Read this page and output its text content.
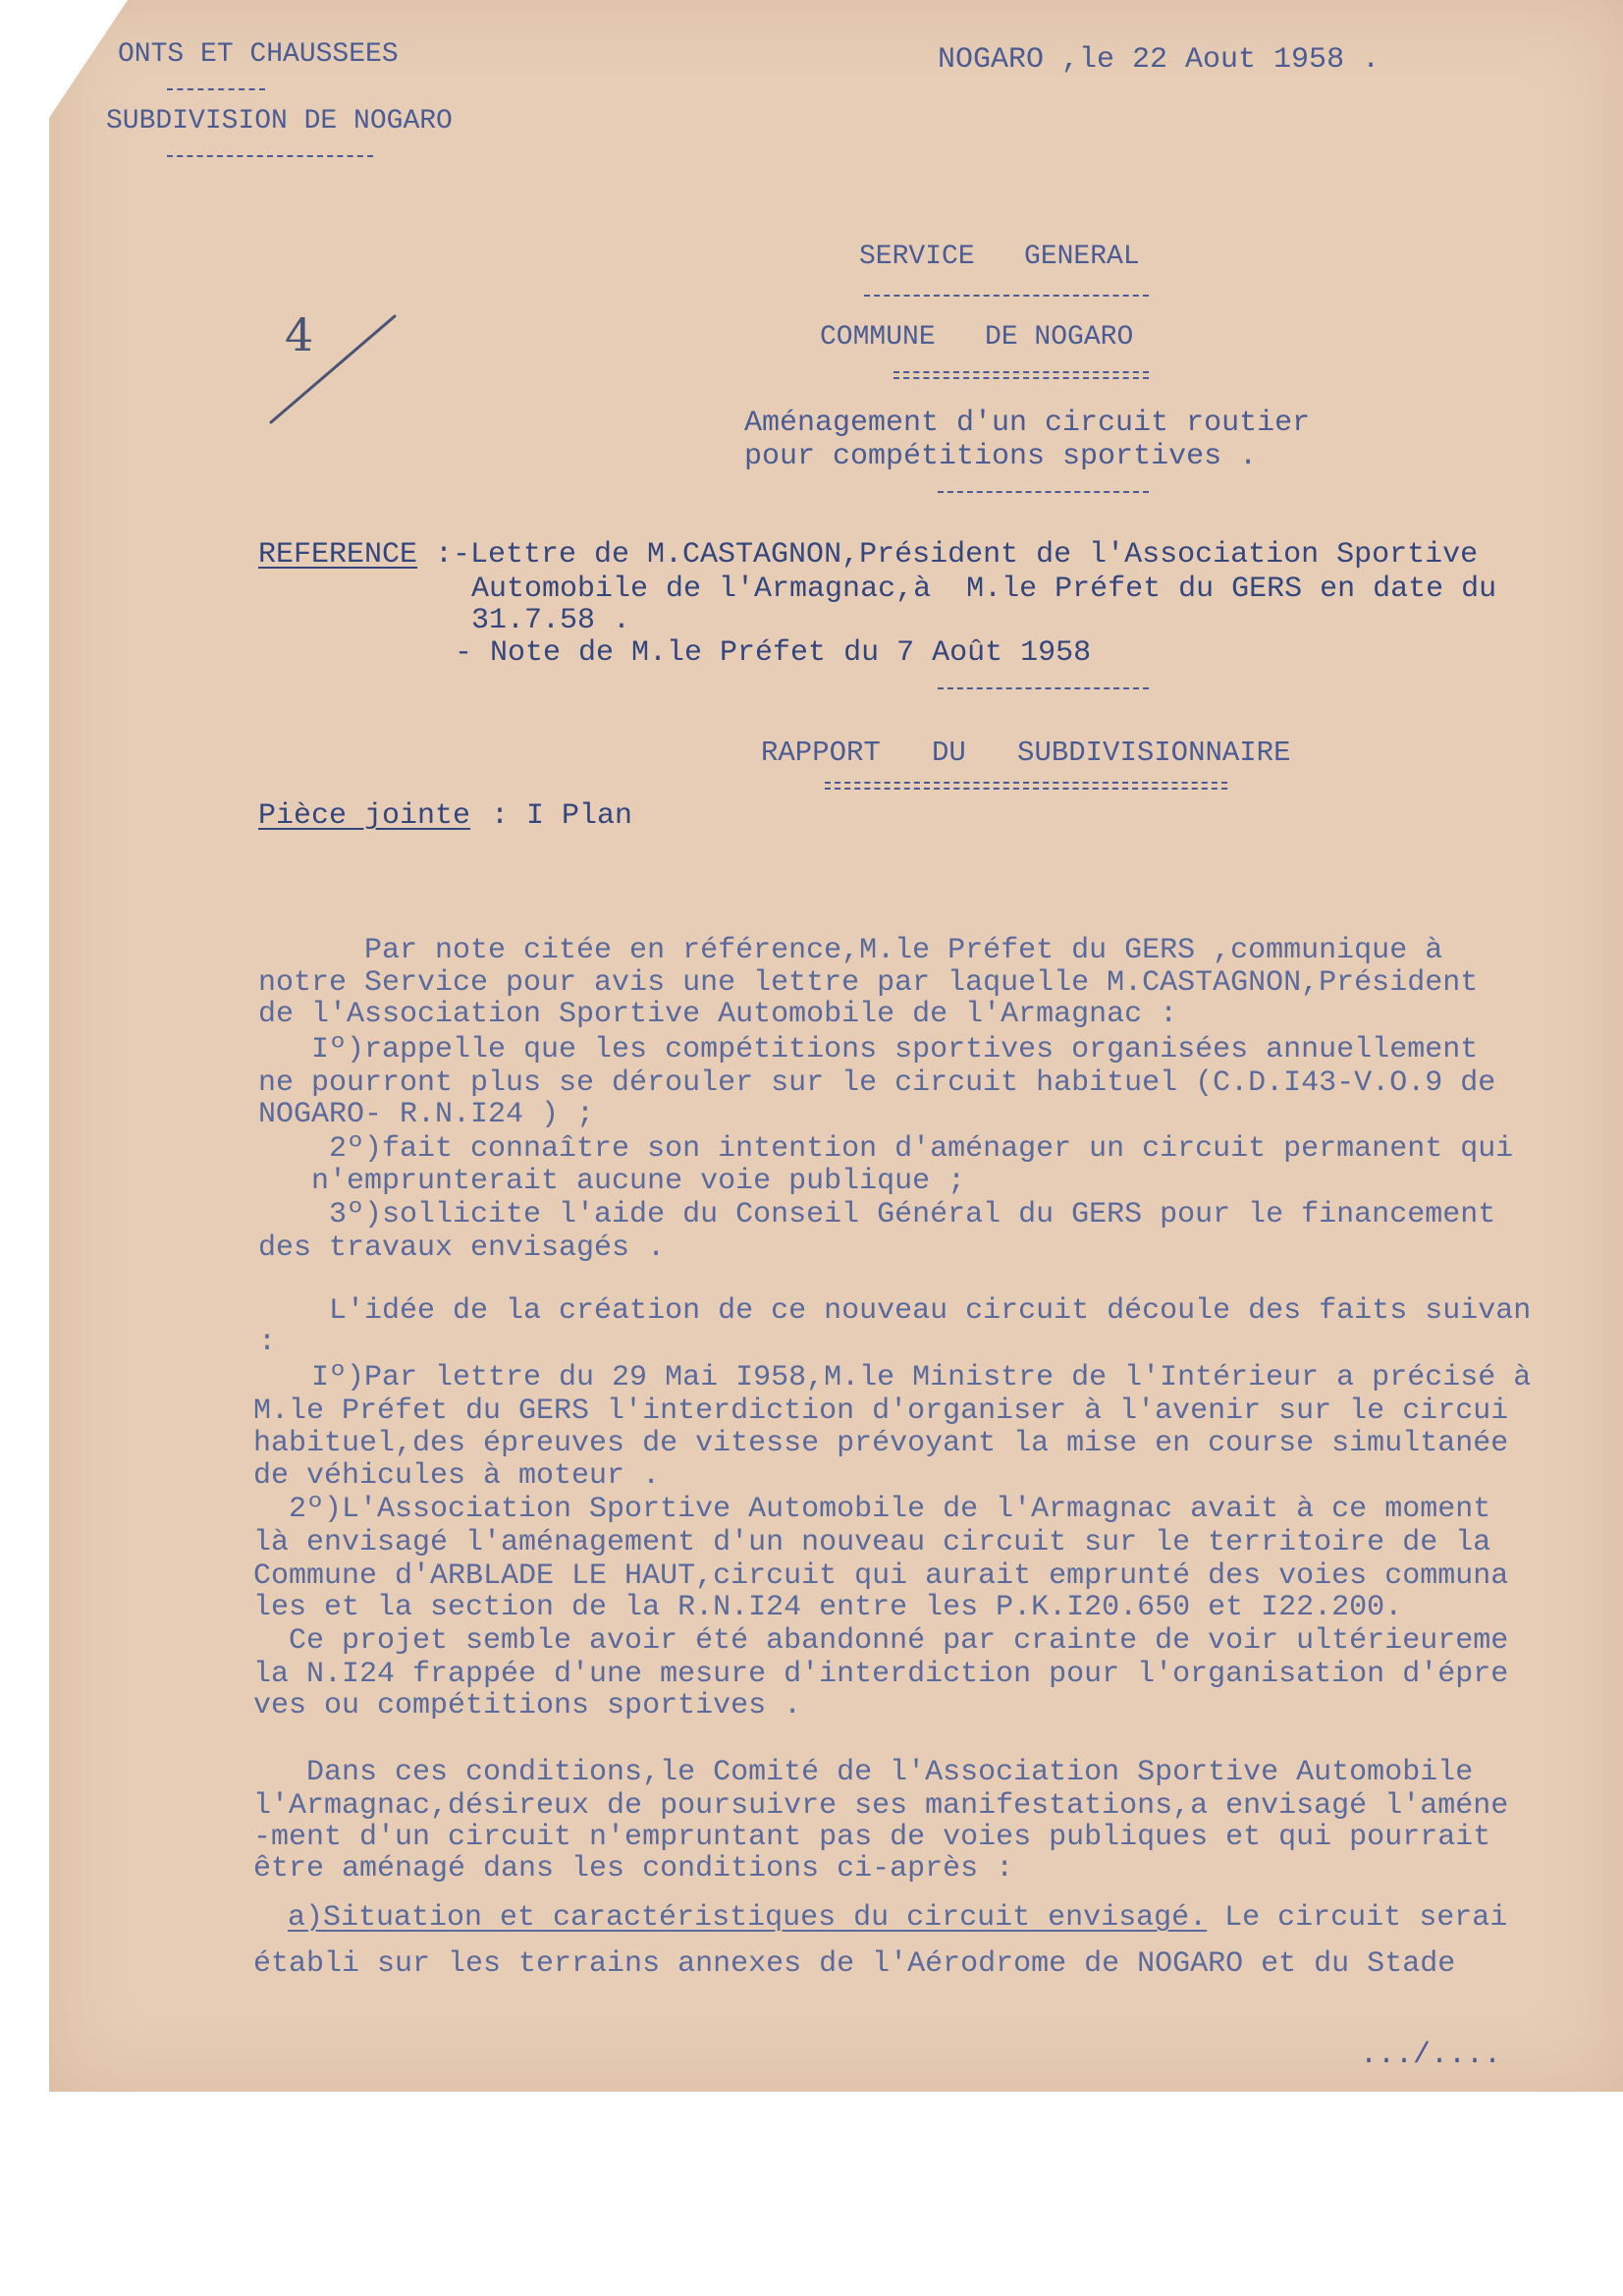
ONTS ET CHAUSSEES
SUBDIVISION DE NOGARO
NOGARO ,le 22 Aout 1958 .
SERVICE   GENERAL
COMMUNE   DE NOGARO
Aménagement d'un circuit routier
pour compétitions sportives .
4
REFERENCE :-Lettre de M.CASTAGNON,Président de l'Association Sportive
Automobile de l'Armagnac,à  M.le Préfet du GERS en date du
31.7.58 .
- Note de M.le Préfet du 7 Août 1958
RAPPORT   DU   SUBDIVISIONNAIRE
Pièce jointe : I Plan
Par note citée en référence,M.le Préfet du GERS ,communique à
notre Service pour avis une lettre par laquelle M.CASTAGNON,Président
de l'Association Sportive Automobile de l'Armagnac :
Iº)rappelle que les compétitions sportives organisées annuellement
ne pourront plus se dérouler sur le circuit habituel (C.D.I43-V.O.9 de
NOGARO- R.N.I24 ) ;
2º)fait connaître son intention d'aménager un circuit permanent qui
n'emprunterait aucune voie publique ;
3º)sollicite l'aide du Conseil Général du GERS pour le financement
des travaux envisagés .
L'idée de la création de ce nouveau circuit découle des faits suivan
:
Iº)Par lettre du 29 Mai I958,M.le Ministre de l'Intérieur a précisé à
M.le Préfet du GERS l'interdiction d'organiser à l'avenir sur le circui
habituel,des épreuves de vitesse prévoyant la mise en course simultanée
de véhicules à moteur .
2º)L'Association Sportive Automobile de l'Armagnac avait à ce moment
là envisagé l'aménagement d'un nouveau circuit sur le territoire de la
Commune d'ARBLADE LE HAUT,circuit qui aurait emprunté des voies communa
les et la section de la R.N.I24 entre les P.K.I20.650 et I22.200.
Ce projet semble avoir été abandonné par crainte de voir ultérieureme
la N.I24 frappée d'une mesure d'interdiction pour l'organisation d'épre
ves ou compétitions sportives .
Dans ces conditions,le Comité de l'Association Sportive Automobile
l'Armagnac,désireux de poursuivre ses manifestations,a envisagé l'améne
-ment d'un circuit n'empruntant pas de voies publiques et qui pourrait
être aménagé dans les conditions ci-après :
a)Situation et caractéristiques du circuit envisagé. Le circuit serai
établi sur les terrains annexes de l'Aérodrome de NOGARO et du Stade
.../....
